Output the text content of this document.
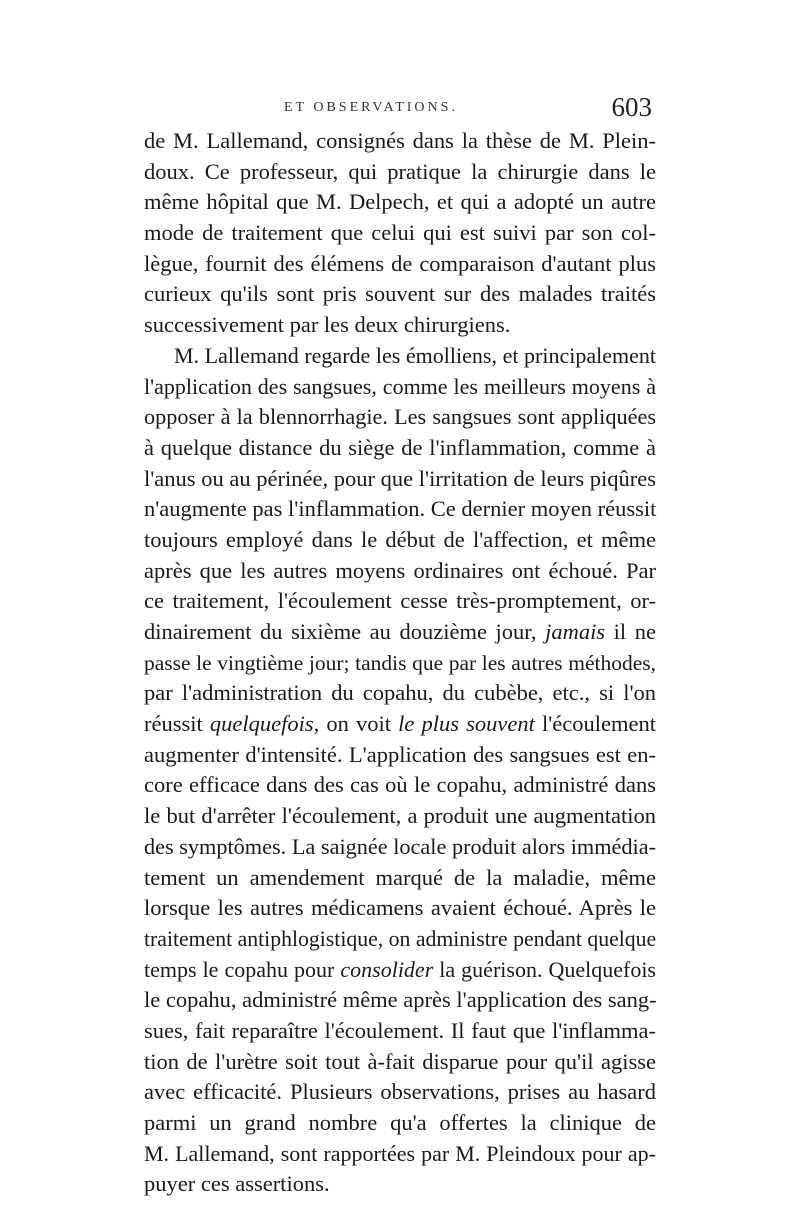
ET OBSERVATIONS.	603
de M. Lallemand, consignés dans la thèse de M. Plein-
doux. Ce professeur, qui pratique la chirurgie dans le
même hôpital que M. Delpech, et qui a adopté un autre
mode de traitement que celui qui est suivi par son col-
lègue, fournit des élémens de comparaison d'autant plus
curieux qu'ils sont pris souvent sur des malades traités
successivement par les deux chirurgiens.
M. Lallemand regarde les émolliens, et principalement
l'application des sangsues, comme les meilleurs moyens à
opposer à la blennorrhagie. Les sangsues sont appliquées
à quelque distance du siège de l'inflammation, comme à
l'anus ou au périnée, pour que l'irritation de leurs piqûres
n'augmente pas l'inflammation. Ce dernier moyen réussit
toujours employé dans le début de l'affection, et même
après que les autres moyens ordinaires ont échoué. Par
ce traitement, l'écoulement cesse très-promptement, or-
dinairement du sixième au douzième jour, jamais il ne
passe le vingtième jour; tandis que par les autres méthodes,
par l'administration du copahu, du cubèbe, etc., si l'on
réussit quelquefois, on voit le plus souvent l'écoulement
augmenter d'intensité. L'application des sangsues est en-
core efficace dans des cas où le copahu, administré dans
le but d'arrêter l'écoulement, a produit une augmentation
des symptômes. La saignée locale produit alors immédia-
tement un amendement marqué de la maladie, même
lorsque les autres médicamens avaient échoué. Après le
traitement antiphlogistique, on administre pendant quelque
temps le copahu pour consolider la guérison. Quelquefois
le copahu, administré même après l'application des sang-
sues, fait reparaître l'écoulement. Il faut que l'inflamma-
tion de l'urètre soit tout à-fait disparue pour qu'il agisse
avec efficacité. Plusieurs observations, prises au hasard
parmi un grand nombre qu'a offertes la clinique de
M. Lallemand, sont rapportées par M. Pleindoux pour ap-
puyer ces assertions.
